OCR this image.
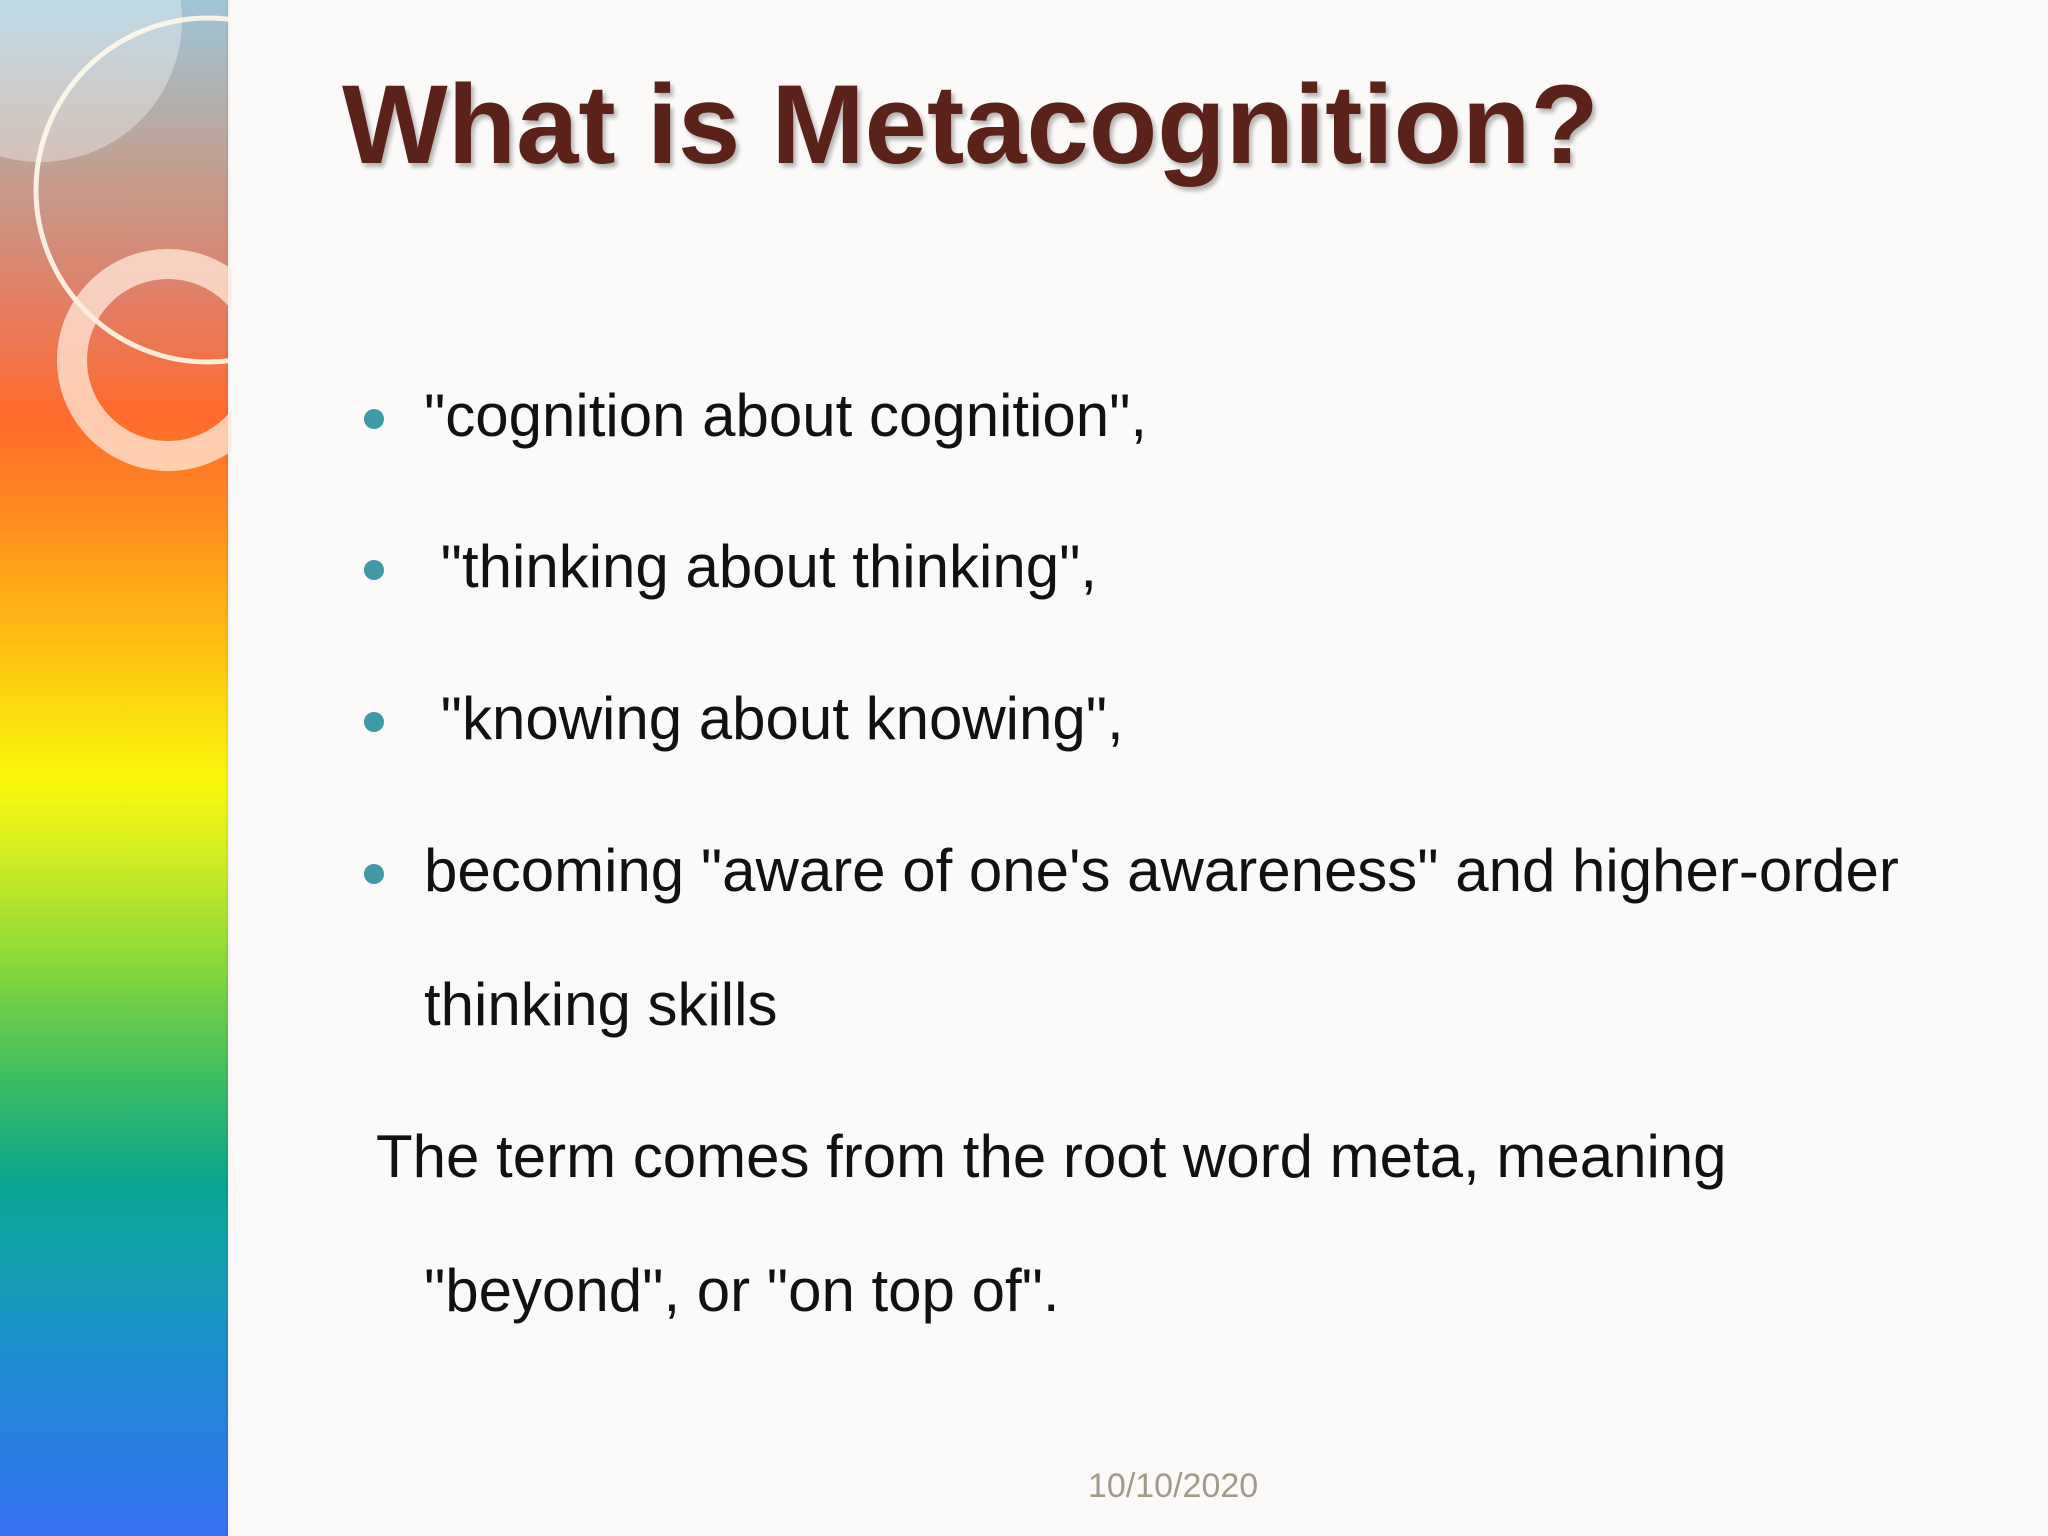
What is Metacognition?
"cognition about cognition",
"thinking about thinking",
"knowing about knowing",
becoming "aware of one's awareness" and higher-order
thinking skills
The term comes from the root word meta, meaning
"beyond", or "on top of".
10/10/2020
